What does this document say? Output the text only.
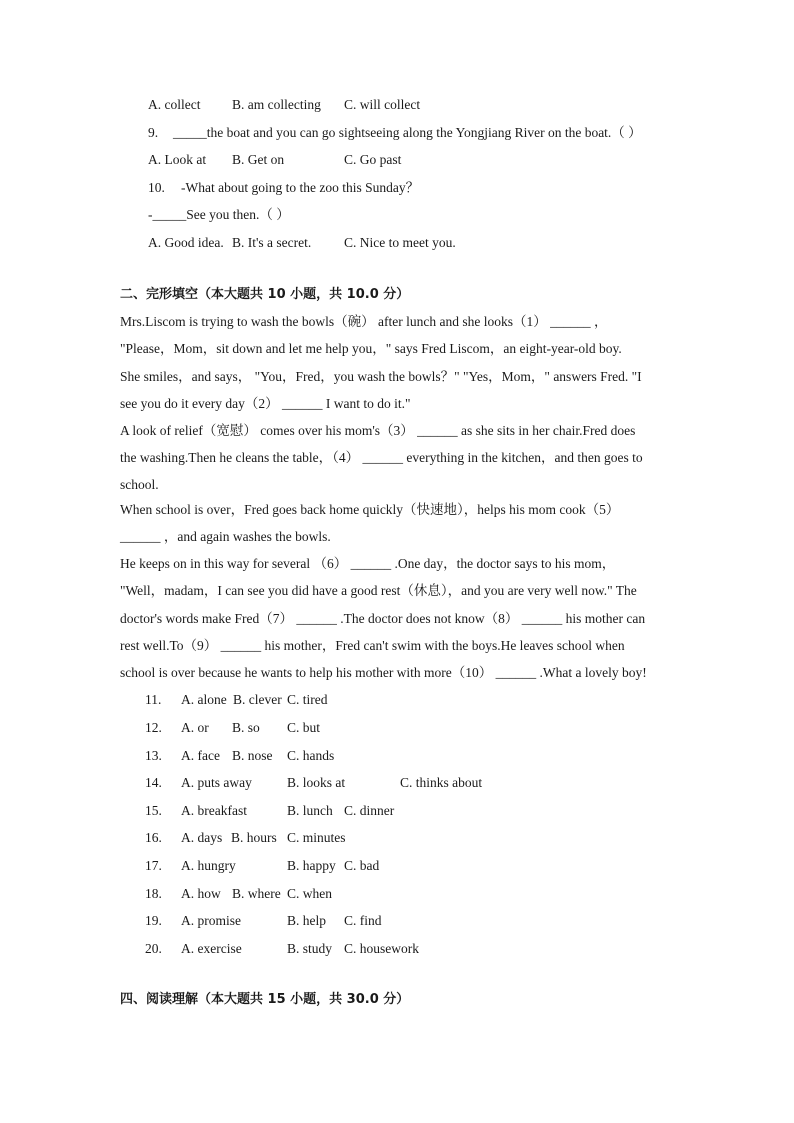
A. collect B. am collecting C. will collect
9. _____the boat and you can go sightseeing along the Yongjiang River on the boat.（ ）
A. Look at B. Get on	C. Go past
10. -What about going to the zoo this Sunday？
-_____See you then.（ ）
A. Good idea. B. It's a secret. C. Nice to meet you.
二、完形填空（本大题共 10 小题，共 10.0 分）
Mrs.Liscom is trying to wash the bowls（碗） after lunch and she looks（1） ______ ，
"Please，Mom，sit down and let me help you，" says Fred Liscom，an eight-year-old boy.
She smiles，and says， "You，Fred，you wash the bowls？" "Yes，Mom，" answers Fred. "I
see you do it every day（2） ______ I want to do it."
A look of relief（宽慰） comes over his mom's（3） ______ as she sits in her chair.Fred does
the washing.Then he cleans the table，（4） ______ everything in the kitchen，and then goes to
school.
When school is over，Fred goes back home quickly（快速地），helps his mom cook（5）
______ ，and again washes the bowls.
He keeps on in this way for several （6） ______ .One day，the doctor says to his mom，
"Well，madam，I can see you did have a good rest（休息），and you are very well now." The
doctor's words make Fred（7） ______ .The doctor does not know（8） ______ his mother can
rest well.To（9） ______ his mother，Fred can't swim with the boys.He leaves school when
school is over because he wants to help his mother with more（10） ______ .What a lovely boy!
11. A. alone B. clever C. tired
12. A. or B. so C. but
13. A. face B. nose C. hands
14. A. puts away	B. looks at	C. thinks about
15. A. breakfast	B. lunch C. dinner
16. A. days B. hours C. minutes
17. A. hungry	B. happy C. bad
18. A. how B. where C. when
19. A. promise	B. help C. find
20. A. exercise	B. study C. housework
四、阅读理解（本大题共 15 小题，共 30.0 分）
